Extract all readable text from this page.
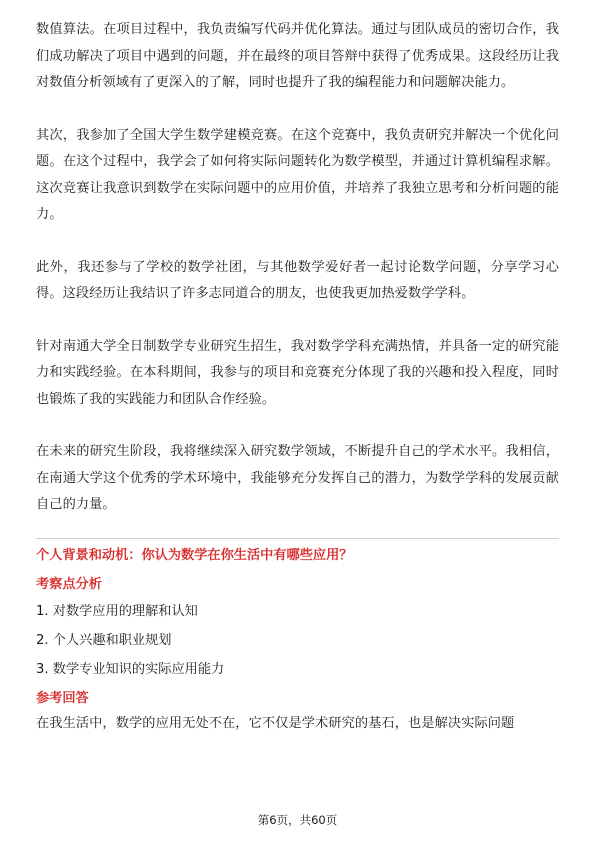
数值算法。在项目过程中，我负责编写代码并优化算法。通过与团队成员的密切合作，我们成功解决了项目中遇到的问题，并在最终的项目答辩中获得了优秀成果。这段经历让我对数值分析领域有了更深入的了解，同时也提升了我的编程能力和问题解决能力。

其次，我参加了全国大学生数学建模竞赛。在这个竞赛中，我负责研究并解决一个优化问题。在这个过程中，我学会了如何将实际问题转化为数学模型，并通过计算机编程求解。这次竞赛让我意识到数学在实际问题中的应用价值，并培养了我独立思考和分析问题的能力。

此外，我还参与了学校的数学社团，与其他数学爱好者一起讨论数学问题，分享学习心得。这段经历让我结识了许多志同道合的朋友，也使我更加热爱数学学科。

针对南通大学全日制数学专业研究生招生，我对数学学科充满热情，并具备一定的研究能力和实践经验。在本科期间，我参与的项目和竞赛充分体现了我的兴趣和投入程度，同时也锻炼了我的实践能力和团队合作经验。

在未来的研究生阶段，我将继续深入研究数学领域，不断提升自己的学术水平。我相信，在南通大学这个优秀的学术环境中，我能够充分发挥自己的潜力，为数学学科的发展贡献自己的力量。

个人背景和动机：你认为数学在你生活中有哪些应用？

考察点分析

1. 对数学应用的理解和认知
2. 个人兴趣和职业规划
3. 数学专业知识的实际应用能力

参考回答

在我生活中，数学的应用无处不在，它不仅是学术研究的基石，也是解决实际问题

第6页，共60页
